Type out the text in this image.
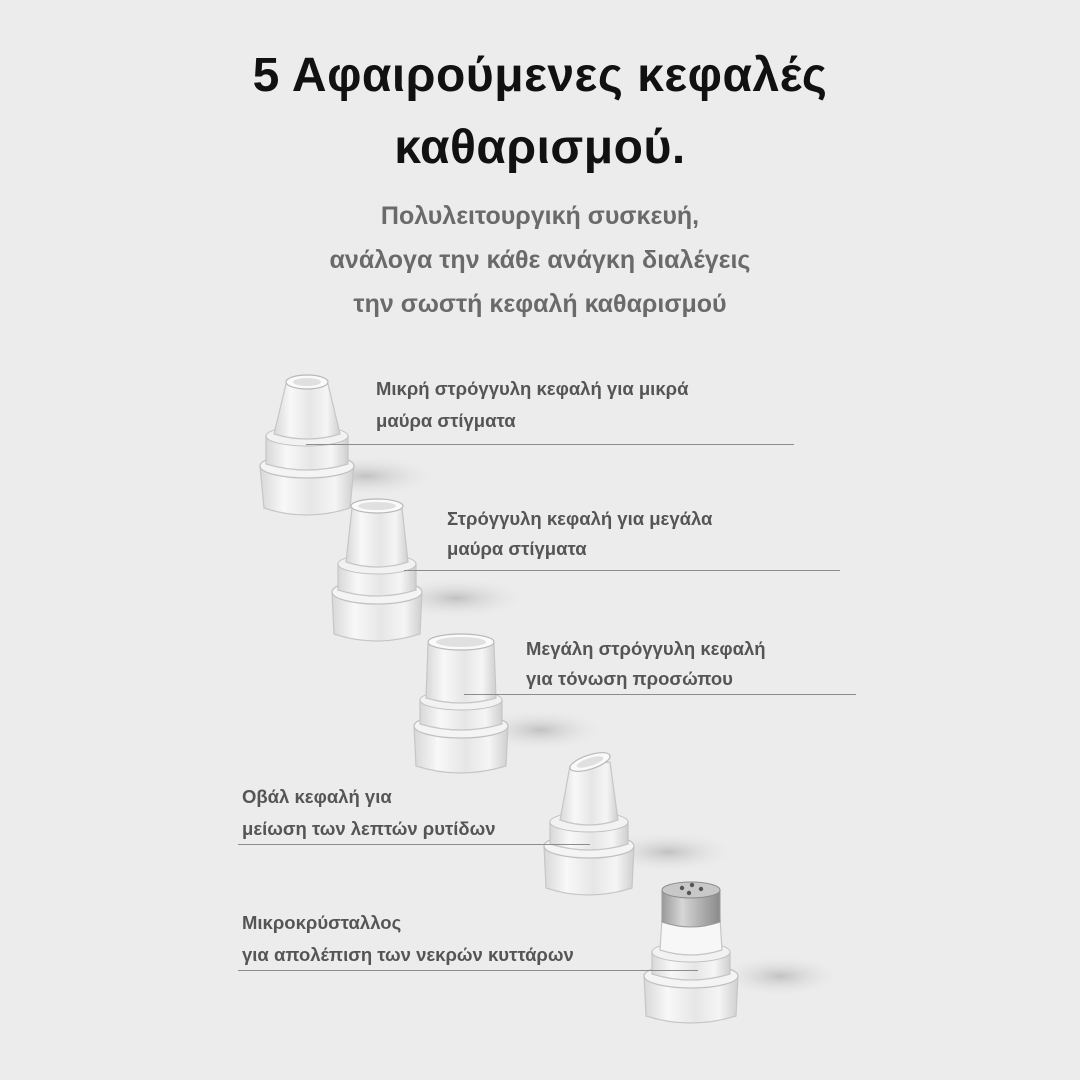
5 Αφαιρούμενες κεφαλές
καθαρισμού.
Πολυλειτουργική συσκευή,
ανάλογα την κάθε ανάγκη διαλέγεις
την σωστή κεφαλή καθαρισμού
Μικρή στρόγγυλη κεφαλή για μικρά
μαύρα στίγματα
Στρόγγυλη κεφαλή για μεγάλα
μαύρα στίγματα
Μεγάλη στρόγγυλη κεφαλή
για τόνωση προσώπου
Οβάλ κεφαλή για
μείωση των λεπτών ρυτίδων
Μικροκρύσταλλος
για απολέπιση των νεκρών κυττάρων
